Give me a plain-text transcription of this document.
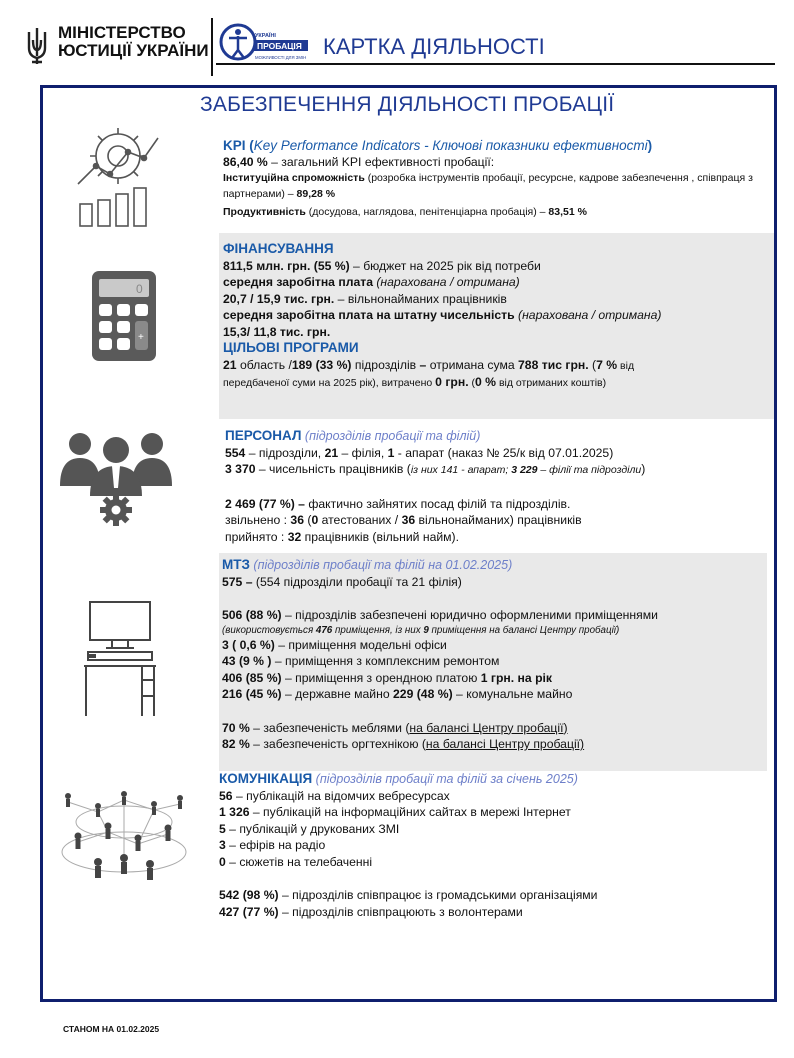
МІНІСТЕРСТВО
ЮСТИЦІЇ УКРАЇНИ
УКРАЇНІ
ПРОБАЦІЯ
МОЖЛИВОСТІ ДЛЯ ЗМІН КАРТКА ДІЯЛЬНОСТІ
ЗАБЕЗПЕЧЕННЯ ДІЯЛЬНОСТІ ПРОБАЦІЇ
KPI (Key Performance Indicators - Ключові показники ефективності)
86,40 % – загальний KPI ефективності пробації:
Інституційна спроможність (розробка інструментів пробації, ресурсне, кадрове забезпечення , співпраця з партнерами) – 89,28 %
Продуктивність (досудова, наглядова, пенітенціарна пробація) – 83,51 %
0
+
ФІНАНСУВАННЯ
811,5 млн. грн. (55 %) – бюджет на 2025 рік від потреби
середня заробітна плата (нарахована / отримана)
20,7 / 15,9 тис. грн. – вільнонайманих працівників
середня заробітна плата на штатну чисельність (нарахована / отримана)
15,3/ 11,8 тис. грн.
ЦІЛЬОВІ ПРОГРАМИ
21 область /189 (33 %) підрозділів – отримана сума 788 тис грн. (7 % від
передбаченої суми на 2025 рік), витрачено 0 грн. (0 % від отриманих коштів)
ПЕРСОНАЛ (підрозділів пробації та філій)
554 – підрозділи, 21 – філія, 1 - апарат (наказ № 25/к від 07.01.2025)
3 370 – чисельність працівників (із них 141 - апарат; 3 229 – філії та підрозділи)
2 469 (77 %) – фактично зайнятих посад філій та підрозділів.
звільнено : 36 (0 атестованих / 36 вільнонайманих) працівників
прийнято : 32 працівників (вільний найм).
МТЗ (підрозділів пробації та філій на 01.02.2025)
575 – (554 підрозділи пробації та 21 філія)
506 (88 %) – підрозділів забезпечені юридично оформленими приміщеннями
(використовується 476 приміщення, із них 9 приміщення на балансі Центру пробації)
3 ( 0,6 %) – приміщення модельні офіси
43 (9 % ) – приміщення з комплексним ремонтом
406 (85 %) – приміщення з орендною платою 1 грн. на рік
216 (45 %) – державне майно 229 (48 %) – комунальне майно
70 % – забезпеченість меблями (на балансі Центру пробації)
82 % – забезпеченість оргтехнікою (на балансі Центру пробації)
КОМУНІКАЦІЯ (підрозділів пробації та філій за січень 2025)
56 – публікацій на відомчих вебресурсах
1 326 – публікацій на інформаційних сайтах в мережі Інтернет
5 – публікацій у друкованих ЗМІ
3 – ефірів на радіо
0 – сюжетів на телебаченні
542 (98 %) – підрозділів співпрацює із громадськими організаціями
427 (77 %) – підрозділів співпрацюють з волонтерами
СТАНОМ НА 01.02.2025
